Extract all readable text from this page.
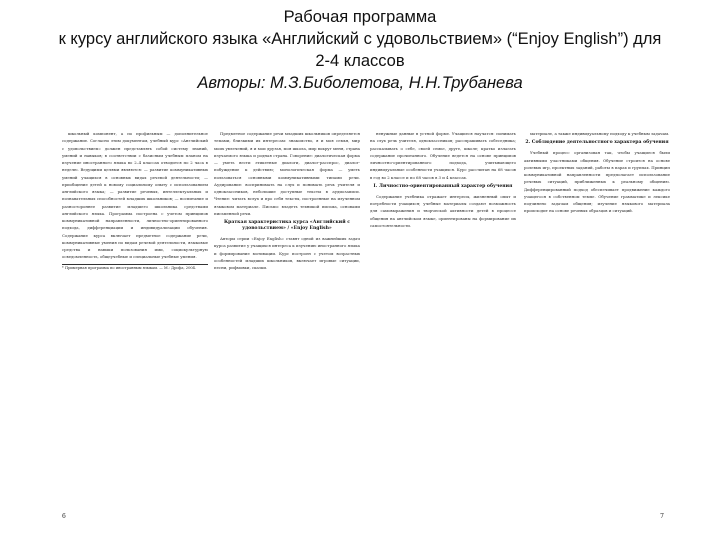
Рабочая программа
к курсу английского языка «Английский с удовольствием» (“Enjoy English”) для
2-4 классов
Авторы: М.З.Биболетова, Н.Н.Трубанева

школьный компонент, а по профильным — дополнительное содержание. Согласно этим документам, учебный курс «Английский с удовольствием» должен представлять собой систему знаний, умений и навыков; в соответствии с базисным учебным планом на изучение иностранного языка во 2–4 классах отводится по 2 часа в неделю. Ведущими целями являются: — развитие коммуникативных умений учащихся в основных видах речевой деятельности; — приобщение детей к новому социальному опыту с использованием английского языка; — развитие речевых, интеллектуальных и познавательных способностей младших школьников; — воспитание и разностороннее развитие младшего школьника средствами английского языка. Программа построена с учетом принципов коммуникативной направленности, личностно-ориентированного подхода, дифференциации и индивидуализации обучения. Содержание курса включает предметное содержание речи, коммуникативные умения по видам речевой деятельности, языковые средства и навыки пользования ими, социокультурную осведомленность, общеучебные и специальные учебные умения.

* Примерная программа по иностранным языкам. — М.: Дрофа, 2004.

Предметное содержание речи младших школьников определяется темами, близкими их интересам: знакомство, я и моя семья, мир моих увлечений, я и мои друзья, моя школа, мир вокруг меня, страна изучаемого языка и родная страна. Говорение: диалогическая форма — уметь вести этикетные диалоги, диалог-расспрос, диалог-побуждение к действию; монологическая форма — уметь пользоваться основными коммуникативными типами речи. Аудирование: воспринимать на слух и понимать речь учителя и одноклассников, небольшие доступные тексты в аудиозаписи. Чтение: читать вслух и про себя тексты, построенные на изученном языковом материале. Письмо: владеть техникой письма, основами письменной речи.

Краткая характеристика курса «Английский с удовольствием» / «Enjoy English»

Авторы серии «Enjoy English» ставят одной из важнейших задач курса развитие у учащихся интереса к изучению иностранного языка и формирование мотивации. Курс построен с учетом возрастных особенностей младших школьников, включает игровые ситуации, песни, рифмовки, сказки.

ненужные данные в устной форме. Учащиеся научатся: понимать на слух речь учителя, одноклассников; расспрашивать собеседника; рассказывать о себе, своей семье, друге, школе; кратко излагать содержание прочитанного. Обучение ведется на основе принципов личностно-ориентированного подхода, учитывающего индивидуальные особенности учащихся. Курс рассчитан на 68 часов в год во 2 классе и по 68 часов в 3 и 4 классах.

I. Личностно-ориентированный характер обучения

Содержание учебника отражает интересы, жизненный опыт и потребности учащихся; учебные материалы создают возможность для самовыражения и творческой активности детей в процессе общения на английском языке, ориентированы на формирование их самостоятельности.

материале, а также индивидуальному подходу к учебным задачам.

2. Соблюдение деятельностного характера обучения

Учебный процесс организован так, чтобы учащиеся были активными участниками общения. Обучение строится на основе ролевых игр, проектных заданий, работы в парах и группах. Принцип коммуникативной направленности предполагает использование речевых ситуаций, приближенных к реальному общению. Дифференцированный подход обеспечивает продвижение каждого учащегося в собственном темпе. Обучение грамматике и лексике подчинено задачам общения; изучение языкового материала происходит на основе речевых образцов и ситуаций.

6	7
